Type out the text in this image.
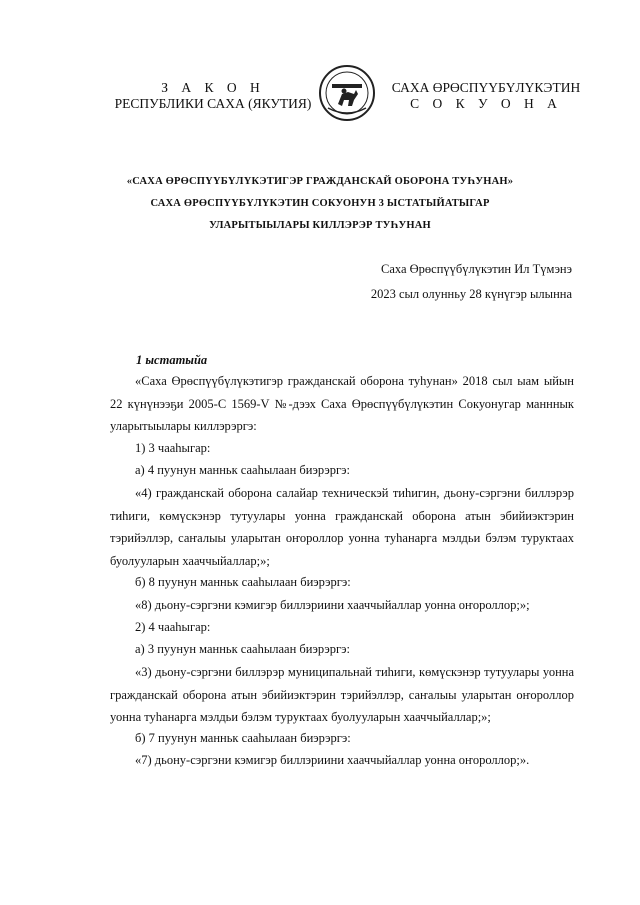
З А К О Н
РЕСПУБЛИКИ САХА (ЯКУТИЯ)
САХА ӨРӨСПҮҮБҮЛҮКЭТИН
С О К У О Н А
«САХА ӨРӨСПҮҮБҮЛҮКЭТИГЭР ГРАЖДАНСКАЙ ОБОРОНА ТУҺУНАН»
САХА ӨРӨСПҮҮБҮЛҮКЭТИН СОКУОНУН 3 ЫСТАТЫЙАТЫГАР
УЛАРЫТЫЫЛАРЫ КИЛЛЭРЭР ТУҺУНАН
Саха Өрөспүүбүлүкэтин Ил Түмэнэ
2023 сыл олунньу 28 күнүгэр ылынна
1 ыстатыйа
«Саха Өрөспүүбүлүкэтигэр гражданскай оборона туһунан» 2018 сыл ыам ыйын 22 күнүнээҕи 2005-С 1569-V №-дээх Саха Өрөспүүбүлүкэтин Сокуонугар манннык уларытыылары киллэрэргэ:
1) 3 чааһыгар:
а) 4 пуунун манньк сааһылаан биэрэргэ:
«4) гражданскай оборона салайар техническэй тиһигин, дьону-сэргэни биллэрэр тиһиги, көмүскэнэр тутуулары уонна гражданскай оборона атын эбийиэктэрин тэрийэллэр, саҥалыы уларытан оҥороллор уонна туһанарга мэлдьи бэлэм туруктаах буолууларын хааччыйаллар;»;
б) 8 пуунун манньк сааһылаан биэрэргэ:
«8) дьону-сэргэни кэмигэр биллэриини хааччыйаллар уонна оҥороллор;»;
2) 4 чааһыгар:
а) 3 пуунун манньк сааһылаан биэрэргэ:
«3) дьону-сэргэни биллэрэр муниципальнай тиһиги, көмүскэнэр тутуулары уонна гражданскай оборона атын эбийиэктэрин тэрийэллэр, саҥалыы уларытан оҥороллор уонна туһанарга мэлдьи бэлэм туруктаах буолууларын хааччыйаллар;»;
б) 7 пуунун манньк сааһылаан биэрэргэ:
«7) дьону-сэргэни кэмигэр биллэриини хааччыйаллар уонна оҥороллор;».
